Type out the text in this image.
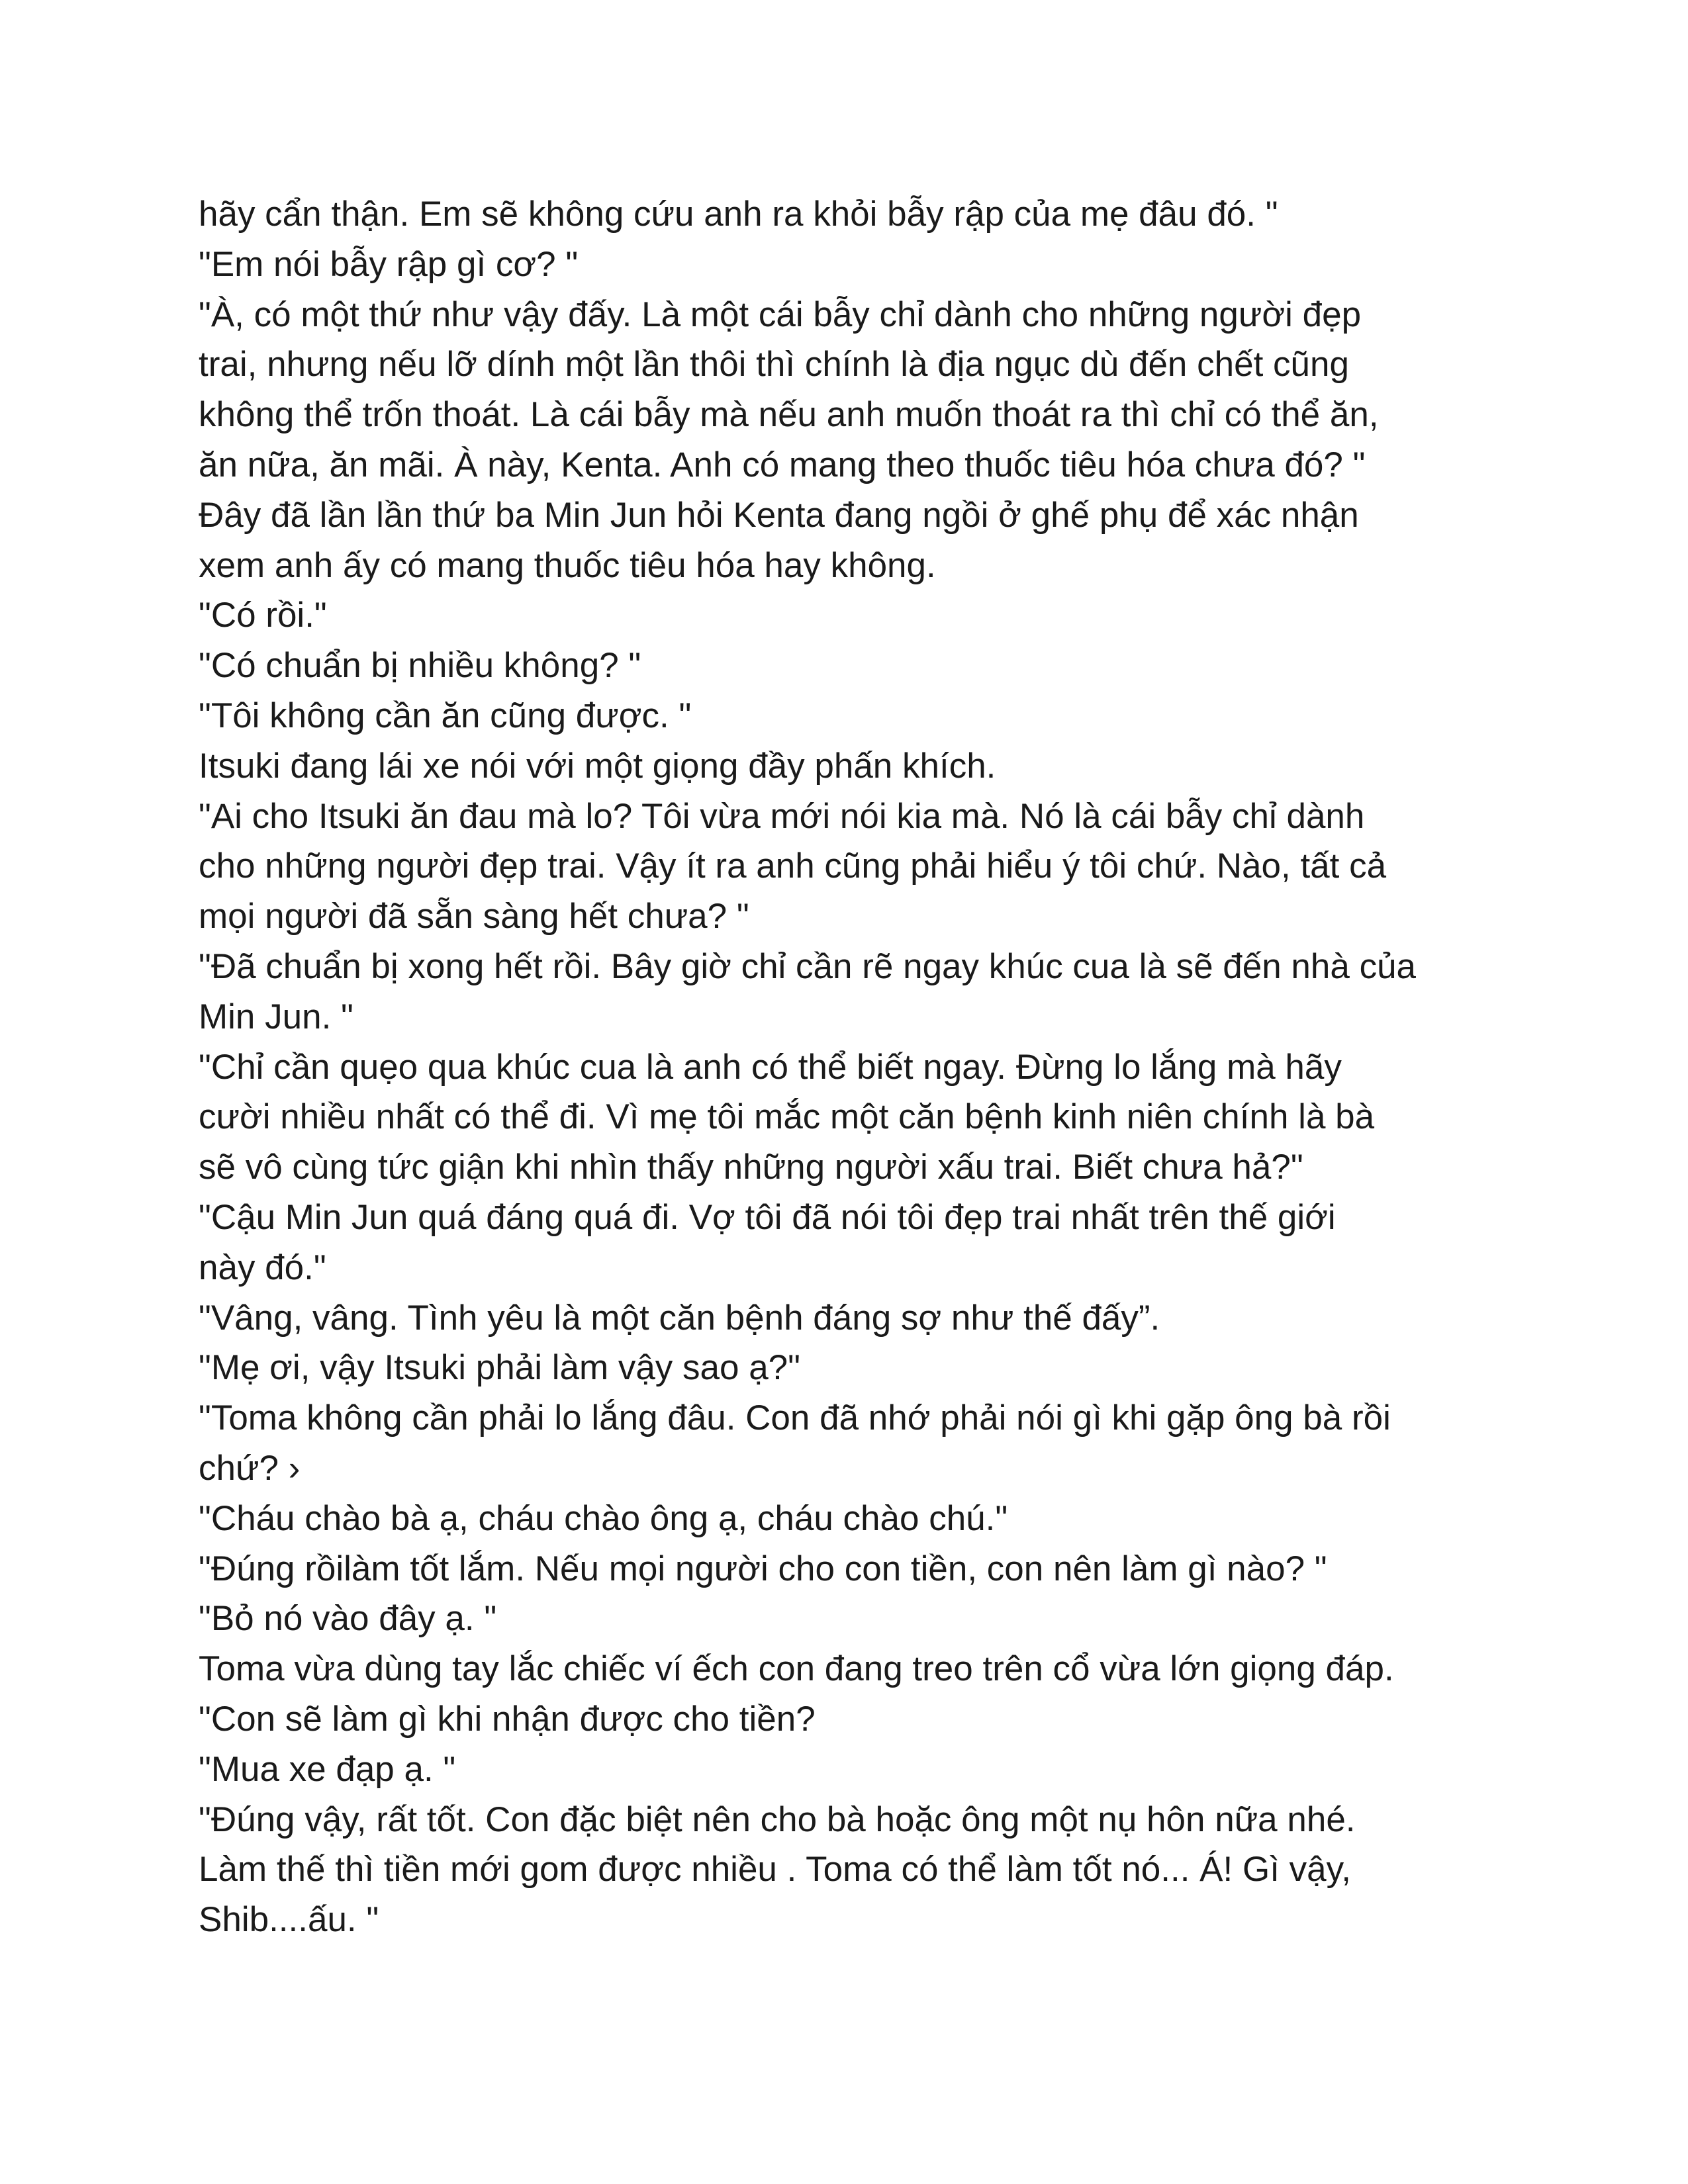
hãy cẩn thận. Em sẽ không cứu anh ra khỏi bẫy rập của mẹ đâu đó. "
"Em nói bẫy rập gì cơ? "
"À, có một thứ như vậy đấy. Là một cái bẫy chỉ dành cho những người đẹp
trai, nhưng nếu lỡ dính một lần thôi thì chính là địa ngục dù đến chết cũng
không thể trốn thoát. Là cái bẫy mà nếu anh muốn thoát ra thì chỉ có thể ăn,
ăn nữa, ăn mãi. À này, Kenta. Anh có mang theo thuốc tiêu hóa chưa đó? "
Đây đã lần lần thứ ba Min Jun hỏi Kenta đang ngồi ở ghế phụ để xác nhận
xem anh ấy có mang thuốc tiêu hóa hay không.
"Có rồi."
"Có chuẩn bị nhiều không? "
"Tôi không cần ăn cũng được. "
Itsuki đang lái xe nói với một giọng đầy phấn khích.
"Ai cho Itsuki ăn đau mà lo? Tôi vừa mới nói kia mà. Nó là cái bẫy chỉ dành
cho những người đẹp trai. Vậy ít ra anh cũng phải hiểu ý tôi chứ. Nào, tất cả
mọi người đã sẵn sàng hết chưa? "
"Đã chuẩn bị xong hết rồi. Bây giờ chỉ cần rẽ ngay khúc cua là sẽ đến nhà của
Min Jun. "
"Chỉ cần quẹo qua khúc cua là anh có thể biết ngay. Đừng lo lắng mà hãy
cười nhiều nhất có thể đi. Vì mẹ tôi mắc một căn bệnh kinh niên chính là bà
sẽ vô cùng tức giận khi nhìn thấy những người xấu trai. Biết chưa hả?"
"Cậu Min Jun quá đáng quá đi. Vợ tôi đã nói tôi đẹp trai nhất trên thế giới
này đó."
"Vâng, vâng. Tình yêu là một căn bệnh đáng sợ như thế đấy”.
"Mẹ ơi, vậy Itsuki phải làm vậy sao ạ?"
"Toma không cần phải lo lắng đâu. Con đã nhớ phải nói gì khi gặp ông bà rồi
chứ? ›
"Cháu chào bà ạ, cháu chào ông ạ, cháu chào chú."
"Đúng rồilàm tốt lắm. Nếu mọi người cho con tiền, con nên làm gì nào? "
"Bỏ nó vào đây ạ. "
Toma vừa dùng tay lắc chiếc ví ếch con đang treo trên cổ vừa lớn giọng đáp.
"Con sẽ làm gì khi nhận được cho tiền?
"Mua xe đạp ạ. "
"Đúng vậy, rất tốt. Con đặc biệt nên cho bà hoặc ông một nụ hôn nữa nhé.
Làm thế thì tiền mới gom được nhiều . Toma có thể làm tốt nó... Á! Gì vậy,
Shib....ấu. "
